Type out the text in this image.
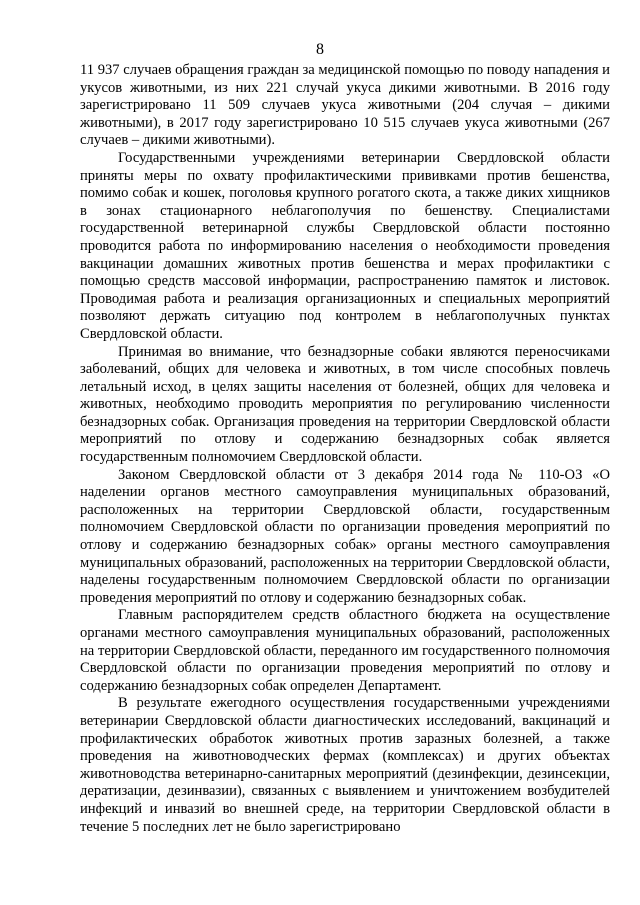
8

11 937 случаев обращения граждан за медицинской помощью по поводу нападения и укусов животными, из них 221 случай укуса дикими животными. В 2016 году зарегистрировано 11 509 случаев укуса животными (204 случая – дикими животными), в 2017 году зарегистрировано 10 515 случаев укуса животными (267 случаев – дикими животными).

Государственными учреждениями ветеринарии Свердловской области приняты меры по охвату профилактическими прививками против бешенства, помимо собак и кошек, поголовья крупного рогатого скота, а также диких хищников в зонах стационарного неблагополучия по бешенству. Специалистами государственной ветеринарной службы Свердловской области постоянно проводится работа по информированию населения о необходимости проведения вакцинации домашних животных против бешенства и мерах профилактики с помощью средств массовой информации, распространению памяток и листовок. Проводимая работа и реализация организационных и специальных мероприятий позволяют держать ситуацию под контролем в неблагополучных пунктах Свердловской области.

Принимая во внимание, что безнадзорные собаки являются переносчиками заболеваний, общих для человека и животных, в том числе способных повлечь летальный исход, в целях защиты населения от болезней, общих для человека и животных, необходимо проводить мероприятия по регулированию численности безнадзорных собак. Организация проведения на территории Свердловской области мероприятий по отлову и содержанию безнадзорных собак является государственным полномочием Свердловской области.

Законом Свердловской области от 3 декабря 2014 года № 110-ОЗ «О наделении органов местного самоуправления муниципальных образований, расположенных на территории Свердловской области, государственным полномочием Свердловской области по организации проведения мероприятий по отлову и содержанию безнадзорных собак» органы местного самоуправления муниципальных образований, расположенных на территории Свердловской области, наделены государственным полномочием Свердловской области по организации проведения мероприятий по отлову и содержанию безнадзорных собак.

Главным распорядителем средств областного бюджета на осуществление органами местного самоуправления муниципальных образований, расположенных на территории Свердловской области, переданного им государственного полномочия Свердловской области по организации проведения мероприятий по отлову и содержанию безнадзорных собак определен Департамент.

В результате ежегодного осуществления государственными учреждениями ветеринарии Свердловской области диагностических исследований, вакцинаций и профилактических обработок животных против заразных болезней, а также проведения на животноводческих фермах (комплексах) и других объектах животноводства ветеринарно-санитарных мероприятий (дезинфекции, дезинсекции, дератизации, дезинвазии), связанных с выявлением и уничтожением возбудителей инфекций и инвазий во внешней среде, на территории Свердловской области в течение 5 последних лет не было зарегистрировано
